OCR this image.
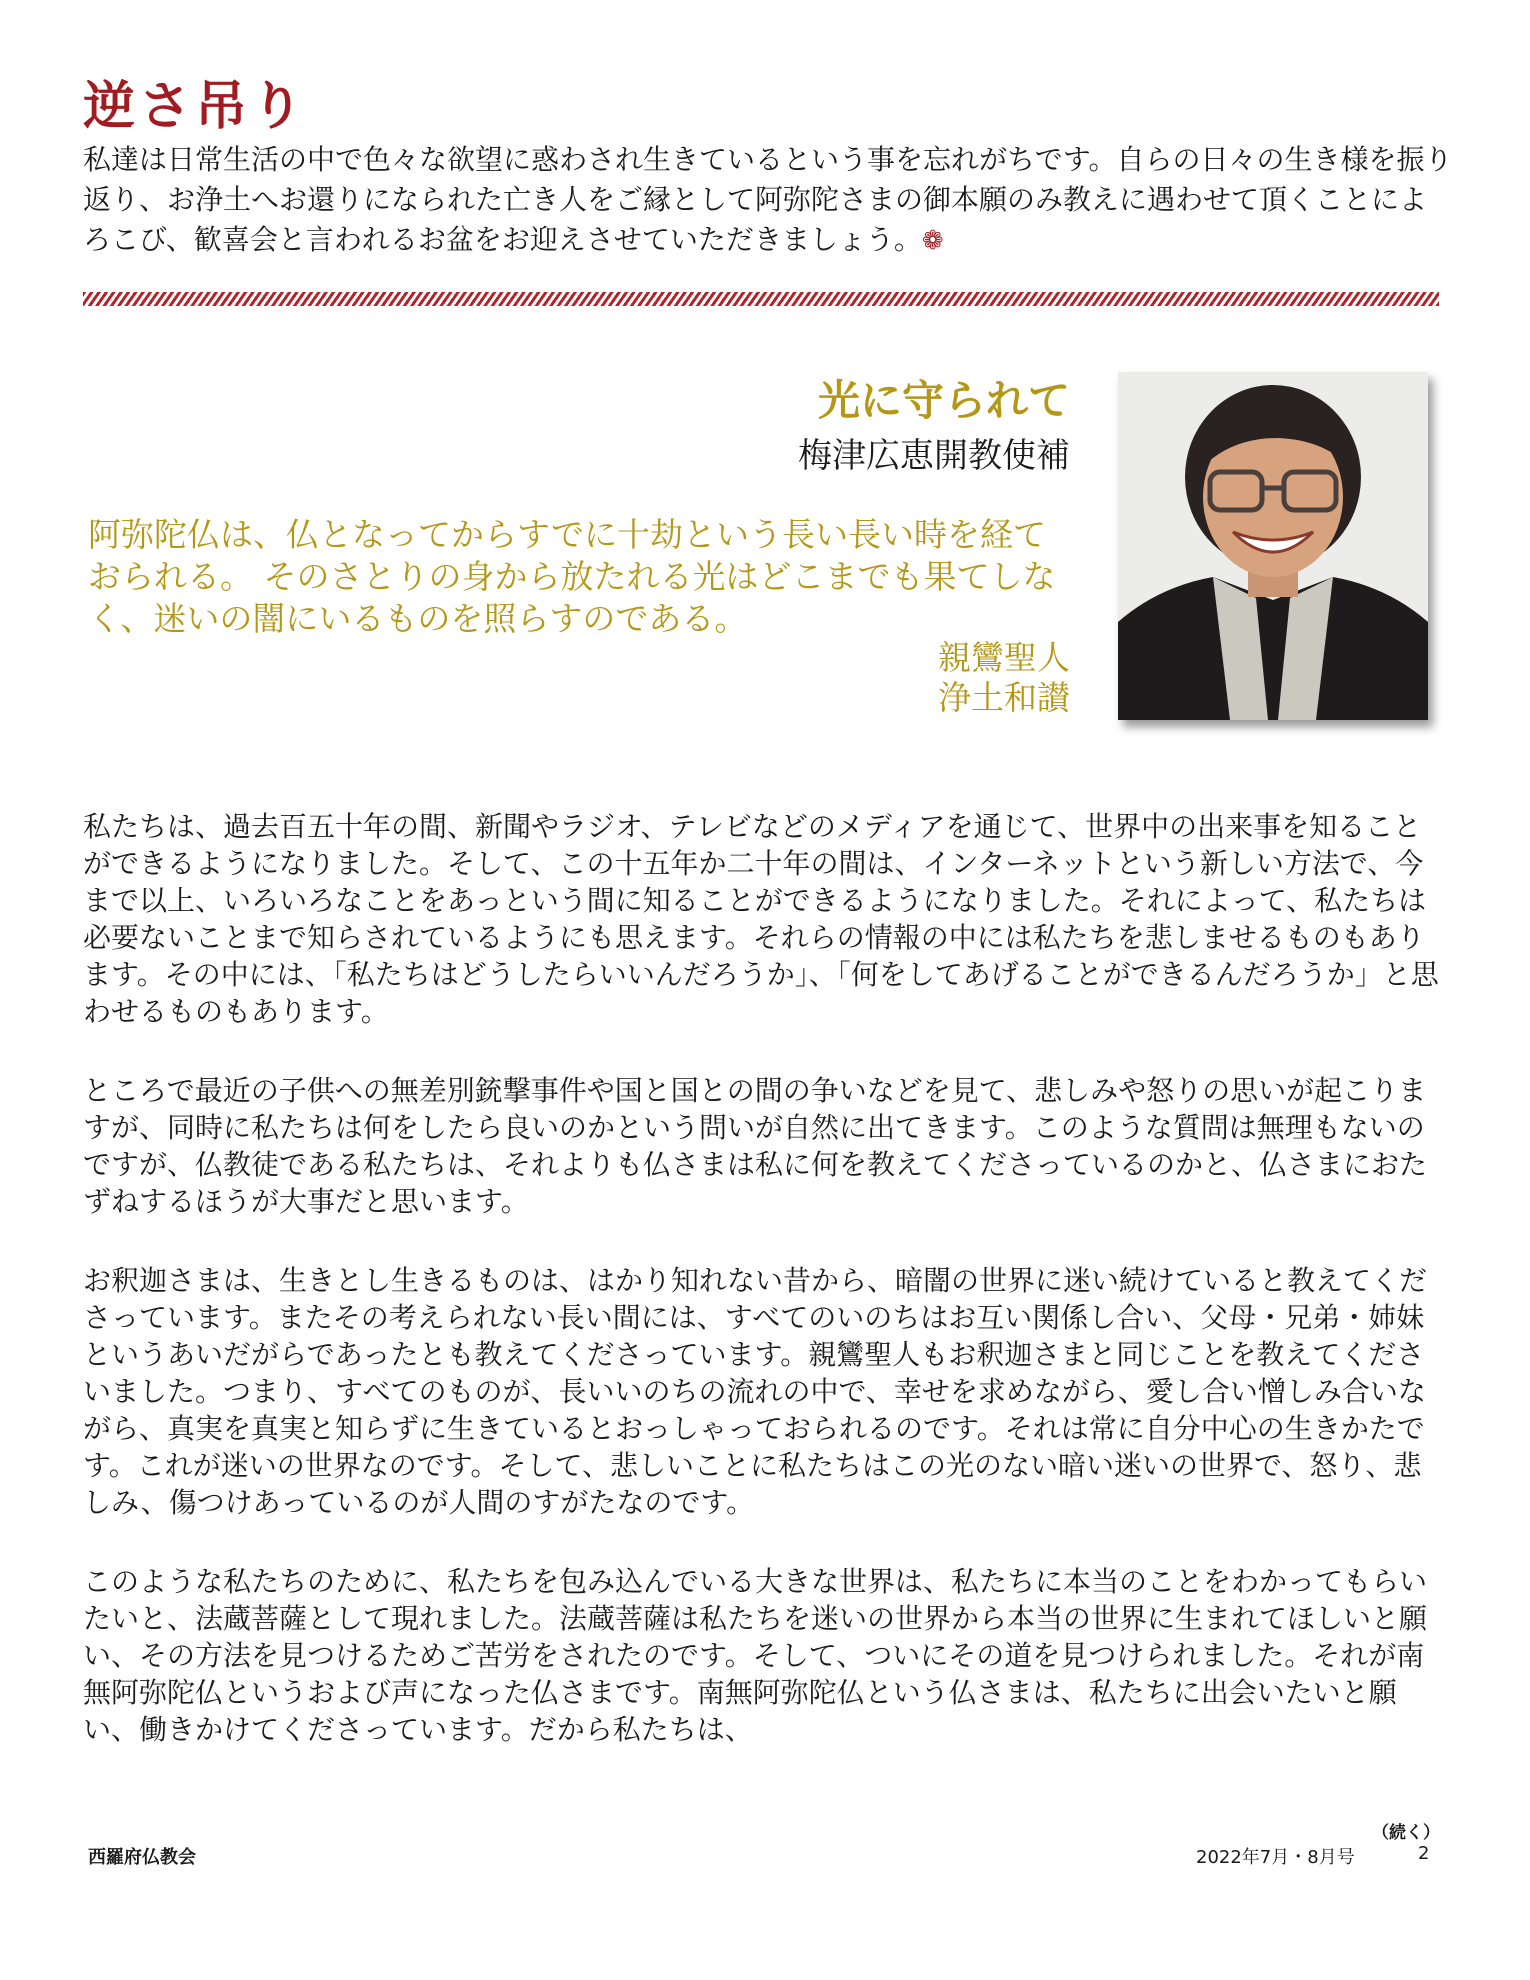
逆さ吊り

私達は日常生活の中で色々な欲望に惑わされ生きているという事を忘れがちです。自らの日々の生き様を振り返り、お浄土へお還りになられた亡き人をご縁として阿弥陀さまの御本願のみ教えに遇わせて頂くことによろこび、歓喜会と言われるお盆をお迎えさせていただきましょう。❁

光に守られて
梅津広恵開教使補

阿弥陀仏は、仏となってからすでに十劫という長い長い時を経ておられる。 そのさとりの身から放たれる光はどこまでも果てしなく、迷いの闇にいるものを照らすのである。

親鸞聖人
浄土和讃

私たちは、過去百五十年の間、新聞やラジオ、テレビなどのメディアを通じて、世界中の出来事を知ることができるようになりました。そして、この十五年か二十年の間は、インターネットという新しい方法で、今まで以上、いろいろなことをあっという間に知ることができるようになりました。それによって、私たちは必要ないことまで知らされているようにも思えます。それらの情報の中には私たちを悲しませるものもあります。その中には、「私たちはどうしたらいいんだろうか」、「何をしてあげることができるんだろうか」と思わせるものもあります。

ところで最近の子供への無差別銃撃事件や国と国との間の争いなどを見て、悲しみや怒りの思いが起こりますが、同時に私たちは何をしたら良いのかという問いが自然に出てきます。このような質問は無理もないのですが、仏教徒である私たちは、それよりも仏さまは私に何を教えてくださっているのかと、仏さまにおたずねするほうが大事だと思います。

お釈迦さまは、生きとし生きるものは、はかり知れない昔から、暗闇の世界に迷い続けていると教えてくださっています。またその考えられない長い間には、すべてのいのちはお互い関係し合い、父母・兄弟・姉妹というあいだがらであったとも教えてくださっています。親鸞聖人もお釈迦さまと同じことを教えてくださいました。つまり、すべてのものが、長いいのちの流れの中で、幸せを求めながら、愛し合い憎しみ合いながら、真実を真実と知らずに生きているとおっしゃっておられるのです。それは常に自分中心の生きかたです。これが迷いの世界なのです。そして、悲しいことに私たちはこの光のない暗い迷いの世界で、怒り、悲しみ、傷つけあっているのが人間のすがたなのです。

このような私たちのために、私たちを包み込んでいる大きな世界は、私たちに本当のことをわかってもらいたいと、法蔵菩薩として現れました。法蔵菩薩は私たちを迷いの世界から本当の世界に生まれてほしいと願い、その方法を見つけるためご苦労をされたのです。そして、ついにその道を見つけられました。それが南無阿弥陀仏というおよび声になった仏さまです。南無阿弥陀仏という仏さまは、私たちに出会いたいと願い、働きかけてくださっています。だから私たちは、

（続く）
西羅府仏教会	2022年7月・8月号	2
